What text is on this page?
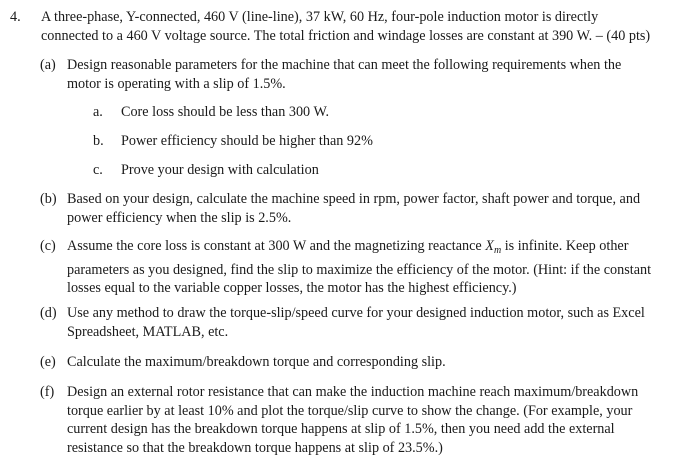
4. A three-phase, Y-connected, 460 V (line-line), 37 kW, 60 Hz, four-pole induction motor is directly
connected to a 460 V voltage source. The total friction and windage losses are constant at 390 W. – (40 pts)
(a) Design reasonable parameters for the machine that can meet the following requirements when the
motor is operating with a slip of 1.5%.
a. Core loss should be less than 300 W.
b. Power efficiency should be higher than 92%
c. Prove your design with calculation
(b) Based on your design, calculate the machine speed in rpm, power factor, shaft power and torque, and
power efficiency when the slip is 2.5%.
(c) Assume the core loss is constant at 300 W and the magnetizing reactance $X_m$ is infinite. Keep other
parameters as you designed, find the slip to maximize the efficiency of the motor. (Hint: if the constant
losses equal to the variable copper losses, the motor has the highest efficiency.)
(d) Use any method to draw the torque-slip/speed curve for your designed induction motor, such as Excel
Spreadsheet, MATLAB, etc.
(e) Calculate the maximum/breakdown torque and corresponding slip.
(f) Design an external rotor resistance that can make the induction machine reach maximum/breakdown
torque earlier by at least 10% and plot the torque/slip curve to show the change. (For example, your
current design has the breakdown torque happens at slip of 1.5%, then you need add the external
resistance so that the breakdown torque happens at slip of 23.5%.)
